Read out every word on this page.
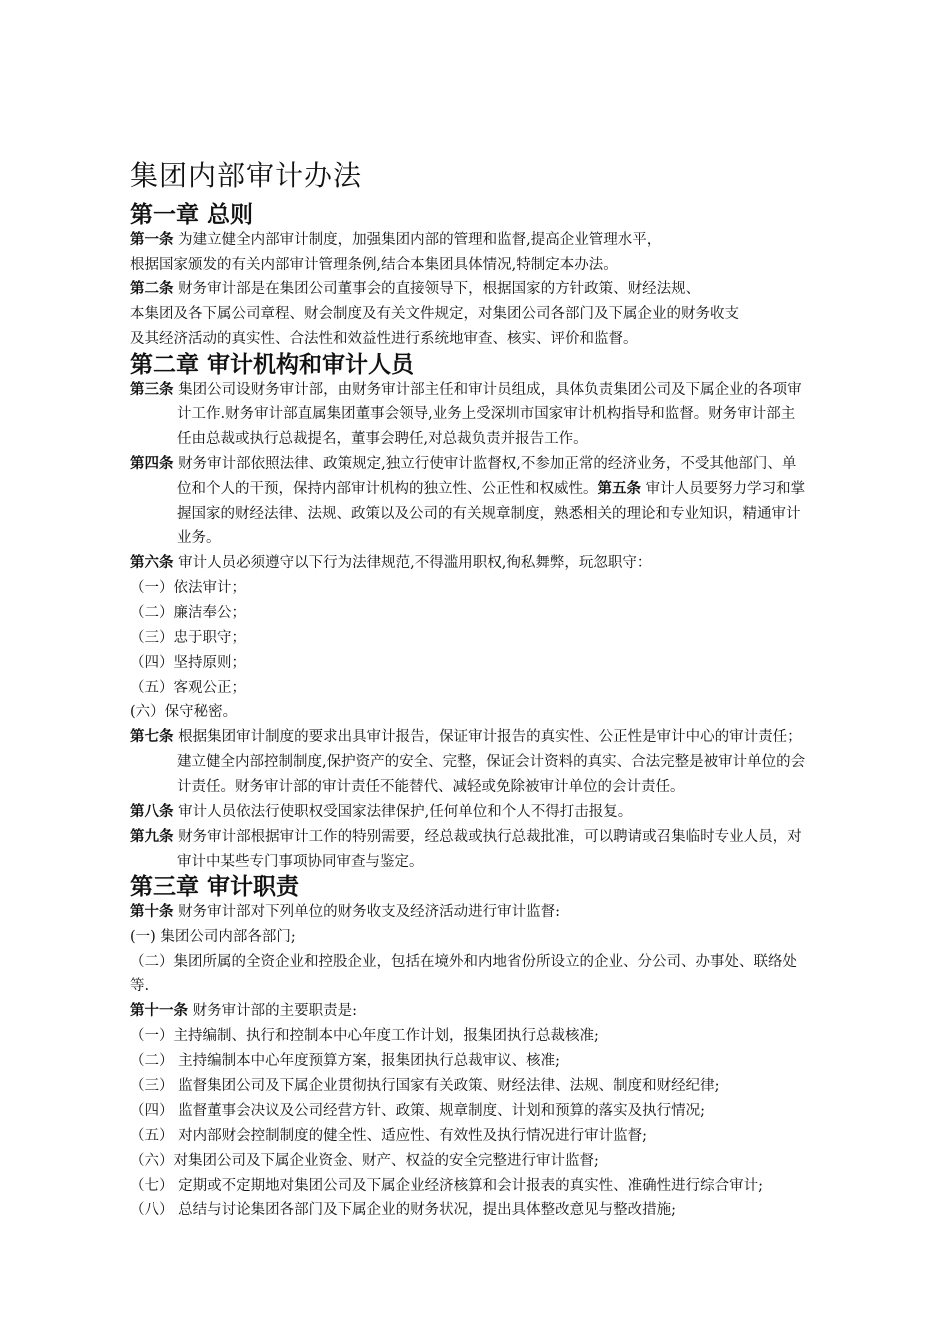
集团内部审计办法
第一章 总则
第一条 为建立健全内部审计制度，加强集团内部的管理和监督,提高企业管理水平，
根据国家颁发的有关内部审计管理条例,结合本集团具体情况,特制定本办法。
第二条 财务审计部是在集团公司董事会的直接领导下，根据国家的方针政策、财经法规、
本集团及各下属公司章程、财会制度及有关文件规定，对集团公司各部门及下属企业的财务收支
及其经济活动的真实性、合法性和效益性进行系统地审查、核实、评价和监督。
第二章 审计机构和审计人员
第三条 集团公司设财务审计部，由财务审计部主任和审计员组成，具体负责集团公司及下属企业的各项审
计工作.财务审计部直属集团董事会领导,业务上受深圳市国家审计机构指导和监督。财务审计部主
任由总裁或执行总裁提名，董事会聘任,对总裁负责并报告工作。
第四条 财务审计部依照法律、政策规定,独立行使审计监督权,不参加正常的经济业务，不受其他部门、单
位和个人的干预，保持内部审计机构的独立性、公正性和权威性。第五条 审计人员要努力学习和掌
握国家的财经法律、法规、政策以及公司的有关规章制度，熟悉相关的理论和专业知识，精通审计
业务。
第六条 审计人员必须遵守以下行为法律规范,不得滥用职权,徇私舞弊，玩忽职守：
（一）依法审计；
（二）廉洁奉公；
（三）忠于职守；
（四）坚持原则；
（五）客观公正；
(六）保守秘密。
第七条 根据集团审计制度的要求出具审计报告，保证审计报告的真实性、公正性是审计中心的审计责任；
建立健全内部控制制度,保护资产的安全、完整，保证会计资料的真实、合法完整是被审计单位的会
计责任。财务审计部的审计责任不能替代、减轻或免除被审计单位的会计责任。
第八条 审计人员依法行使职权受国家法律保护,任何单位和个人不得打击报复。
第九条 财务审计部根据审计工作的特别需要，经总裁或执行总裁批准，可以聘请或召集临时专业人员，对
审计中某些专门事项协同审查与鉴定。
第三章 审计职责
第十条 财务审计部对下列单位的财务收支及经济活动进行审计监督:
(一) 集团公司内部各部门;
（二）集团所属的全资企业和控股企业，包括在境外和内地省份所设立的企业、分公司、办事处、联络处
等.
第十一条 财务审计部的主要职责是:
（一）主持编制、执行和控制本中心年度工作计划，报集团执行总裁核准;
（二） 主持编制本中心年度预算方案，报集团执行总裁审议、核准;
（三） 监督集团公司及下属企业贯彻执行国家有关政策、财经法律、法规、制度和财经纪律;
（四） 监督董事会决议及公司经营方针、政策、规章制度、计划和预算的落实及执行情况;
（五） 对内部财会控制制度的健全性、适应性、有效性及执行情况进行审计监督;
（六）对集团公司及下属企业资金、财产、权益的安全完整进行审计监督;
（七） 定期或不定期地对集团公司及下属企业经济核算和会计报表的真实性、准确性进行综合审计;
（八） 总结与讨论集团各部门及下属企业的财务状况，提出具体整改意见与整改措施;
